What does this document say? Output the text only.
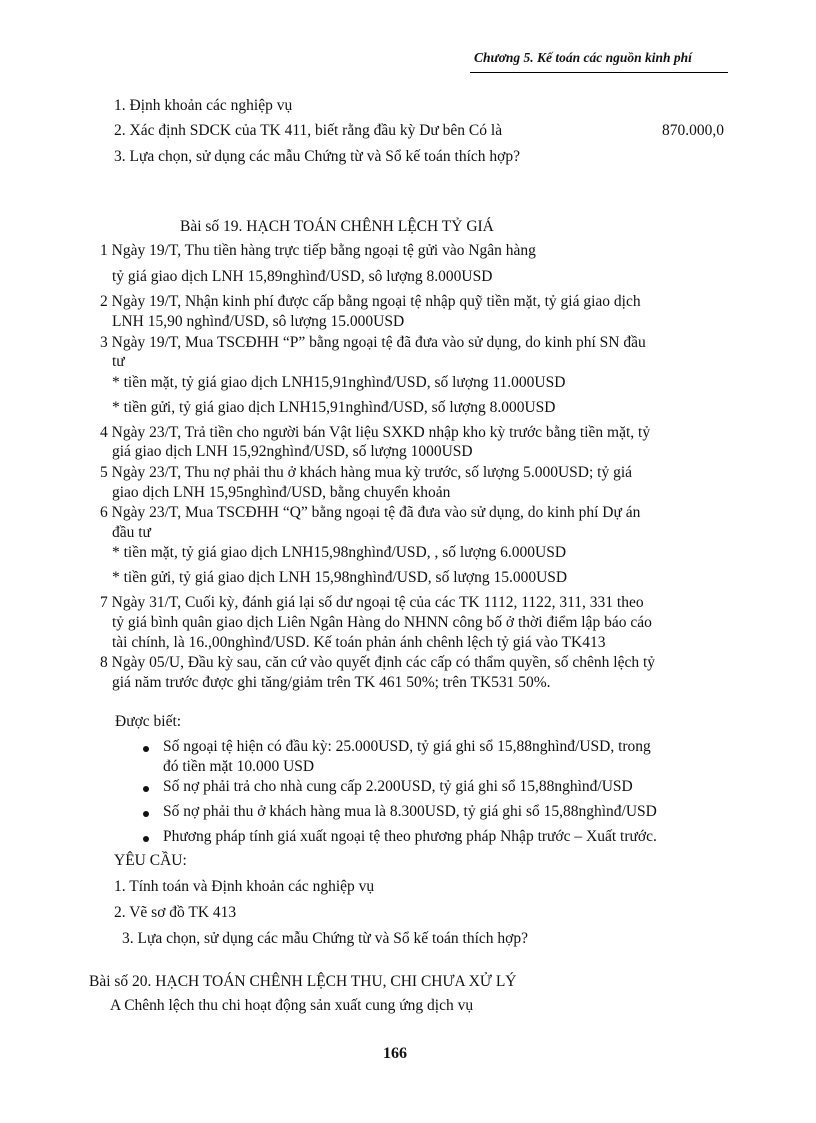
Chương 5. Kế toán các nguồn kinh phí
1. Định khoản các nghiệp vụ
2. Xác định SDCK của TK 411, biết rằng đầu kỳ Dư bên Có là	870.000,0
3. Lựa chọn, sử dụng các mẫu Chứng từ và Sổ kế toán thích hợp?
Bài số 19. HẠCH TOÁN CHÊNH LỆCH TỶ GIÁ
1 Ngày 19/T, Thu tiền hàng trực tiếp bằng ngoại tệ gửi vào Ngân hàng
tỷ giá giao dịch LNH 15,89nghìnđ/USD, sô lượng 8.000USD
2 Ngày 19/T, Nhận kinh phí được cấp bằng ngoại tệ nhập quỹ tiền mặt, tỷ giá giao dịch
LNH 15,90 nghìnđ/USD, sô lượng 15.000USD
3 Ngày 19/T, Mua TSCĐHH “P” bằng ngoại tệ đã đưa vào sử dụng, do kinh phí SN đầu
tư
* tiền mặt, tỷ giá giao dịch LNH15,91nghìnđ/USD, số lượng 11.000USD
* tiền gửi, tỷ giá giao dịch LNH15,91nghìnđ/USD, số lượng 8.000USD
4 Ngày 23/T, Trả tiền cho người bán Vật liệu SXKD nhập kho kỳ trước bằng tiền mặt, tỷ
giá giao dịch LNH 15,92nghìnđ/USD, số lượng 1000USD
5 Ngày 23/T, Thu nợ phải thu ở khách hàng mua kỳ trước, số lượng 5.000USD; tỷ giá
giao dịch LNH 15,95nghìnđ/USD, bằng chuyển khoản
6 Ngày 23/T, Mua TSCĐHH “Q” bằng ngoại tệ đã đưa vào sử dụng, do kinh phí Dự án
đầu tư
* tiền mặt, tỷ giá giao dịch LNH15,98nghìnđ/USD, , số lượng 6.000USD
* tiền gửi, tỷ giá giao dịch LNH 15,98nghìnđ/USD, số lượng 15.000USD
7 Ngày 31/T, Cuối kỳ, đánh giá lại số dư ngoại tệ của các TK 1112, 1122, 311, 331 theo
tỷ giá bình quân giao dịch Liên Ngân Hàng do NHNN công bố ở thời điểm lập báo cáo
tài chính, là 16.,00nghìnđ/USD. Kế toán phản ánh chênh lệch tỷ giá vào TK413
8 Ngày 05/U, Đầu kỳ sau, căn cứ vào quyết định các cấp có thẩm quyền, số chênh lệch tỷ
giá năm trước được ghi tăng/giảm trên TK 461 50%; trên TK531 50%.
Được biết:
Số ngoại tệ hiện có đầu kỳ: 25.000USD, tỷ giá ghi sổ 15,88nghìnđ/USD, trong
đó tiền mặt 10.000 USD
Số nợ phải trả cho nhà cung cấp 2.200USD, tỷ giá ghi sổ 15,88nghìnđ/USD
Số nợ phải thu ở khách hàng mua là 8.300USD, tỷ giá ghi sổ 15,88nghìnđ/USD
Phương pháp tính giá xuất ngoại tệ theo phương pháp Nhập trước – Xuất trước.
YÊU CẦU:
1. Tính toán và Định khoản các nghiệp vụ
2. Vẽ sơ đồ TK 413
3. Lựa chọn, sử dụng các mẫu Chứng từ và Sổ kế toán thích hợp?
Bài số 20. HẠCH TOÁN CHÊNH LỆCH THU, CHI CHƯA XỬ LÝ
A Chênh lệch thu chi hoạt động sản xuất cung ứng dịch vụ
166
